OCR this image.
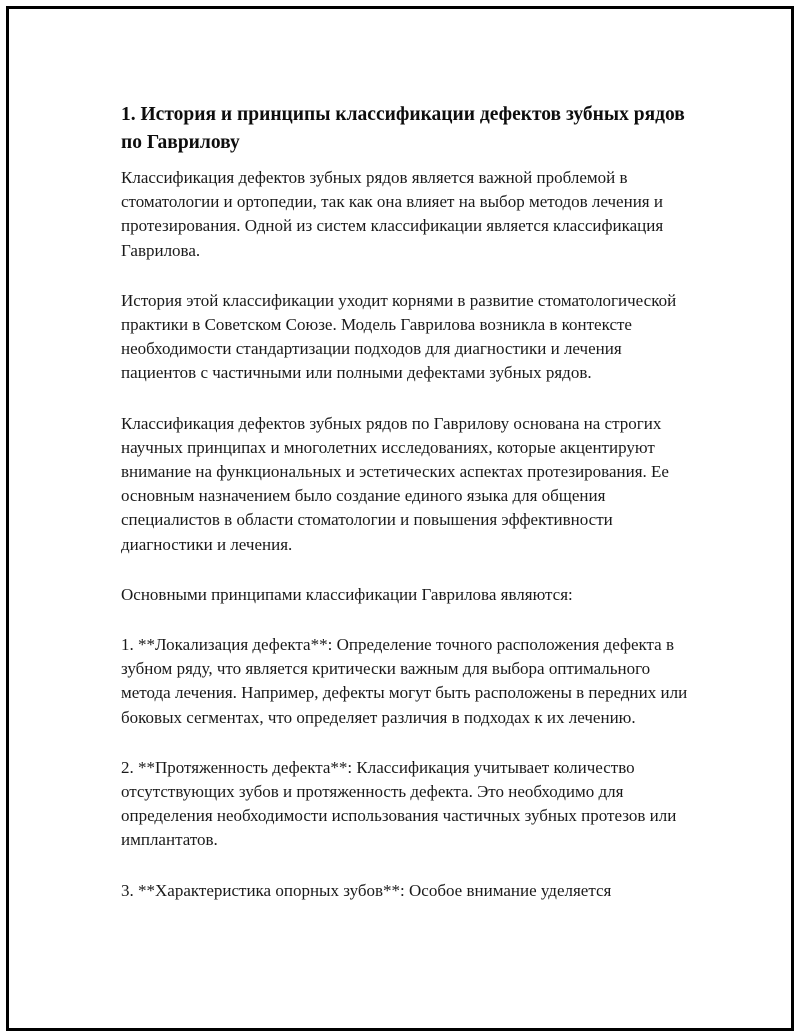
1. История и принципы классификации дефектов зубных рядов по Гаврилову

Классификация дефектов зубных рядов является важной проблемой в стоматологии и ортопедии, так как она влияет на выбор методов лечения и протезирования. Одной из систем классификации является классификация Гаврилова.

История этой классификации уходит корнями в развитие стоматологической практики в Советском Союзе. Модель Гаврилова возникла в контексте необходимости стандартизации подходов для диагностики и лечения пациентов с частичными или полными дефектами зубных рядов.

Классификация дефектов зубных рядов по Гаврилову основана на строгих научных принципах и многолетних исследованиях, которые акцентируют внимание на функциональных и эстетических аспектах протезирования. Ее основным назначением было создание единого языка для общения специалистов в области стоматологии и повышения эффективности диагностики и лечения.

Основными принципами классификации Гаврилова являются:

1. **Локализация дефекта**: Определение точного расположения дефекта в зубном ряду, что является критически важным для выбора оптимального метода лечения. Например, дефекты могут быть расположены в передних или боковых сегментах, что определяет различия в подходах к их лечению.

2. **Протяженность дефекта**: Классификация учитывает количество отсутствующих зубов и протяженность дефекта. Это необходимо для определения необходимости использования частичных зубных протезов или имплантатов.

3. **Характеристика опорных зубов**: Особое внимание уделяется
